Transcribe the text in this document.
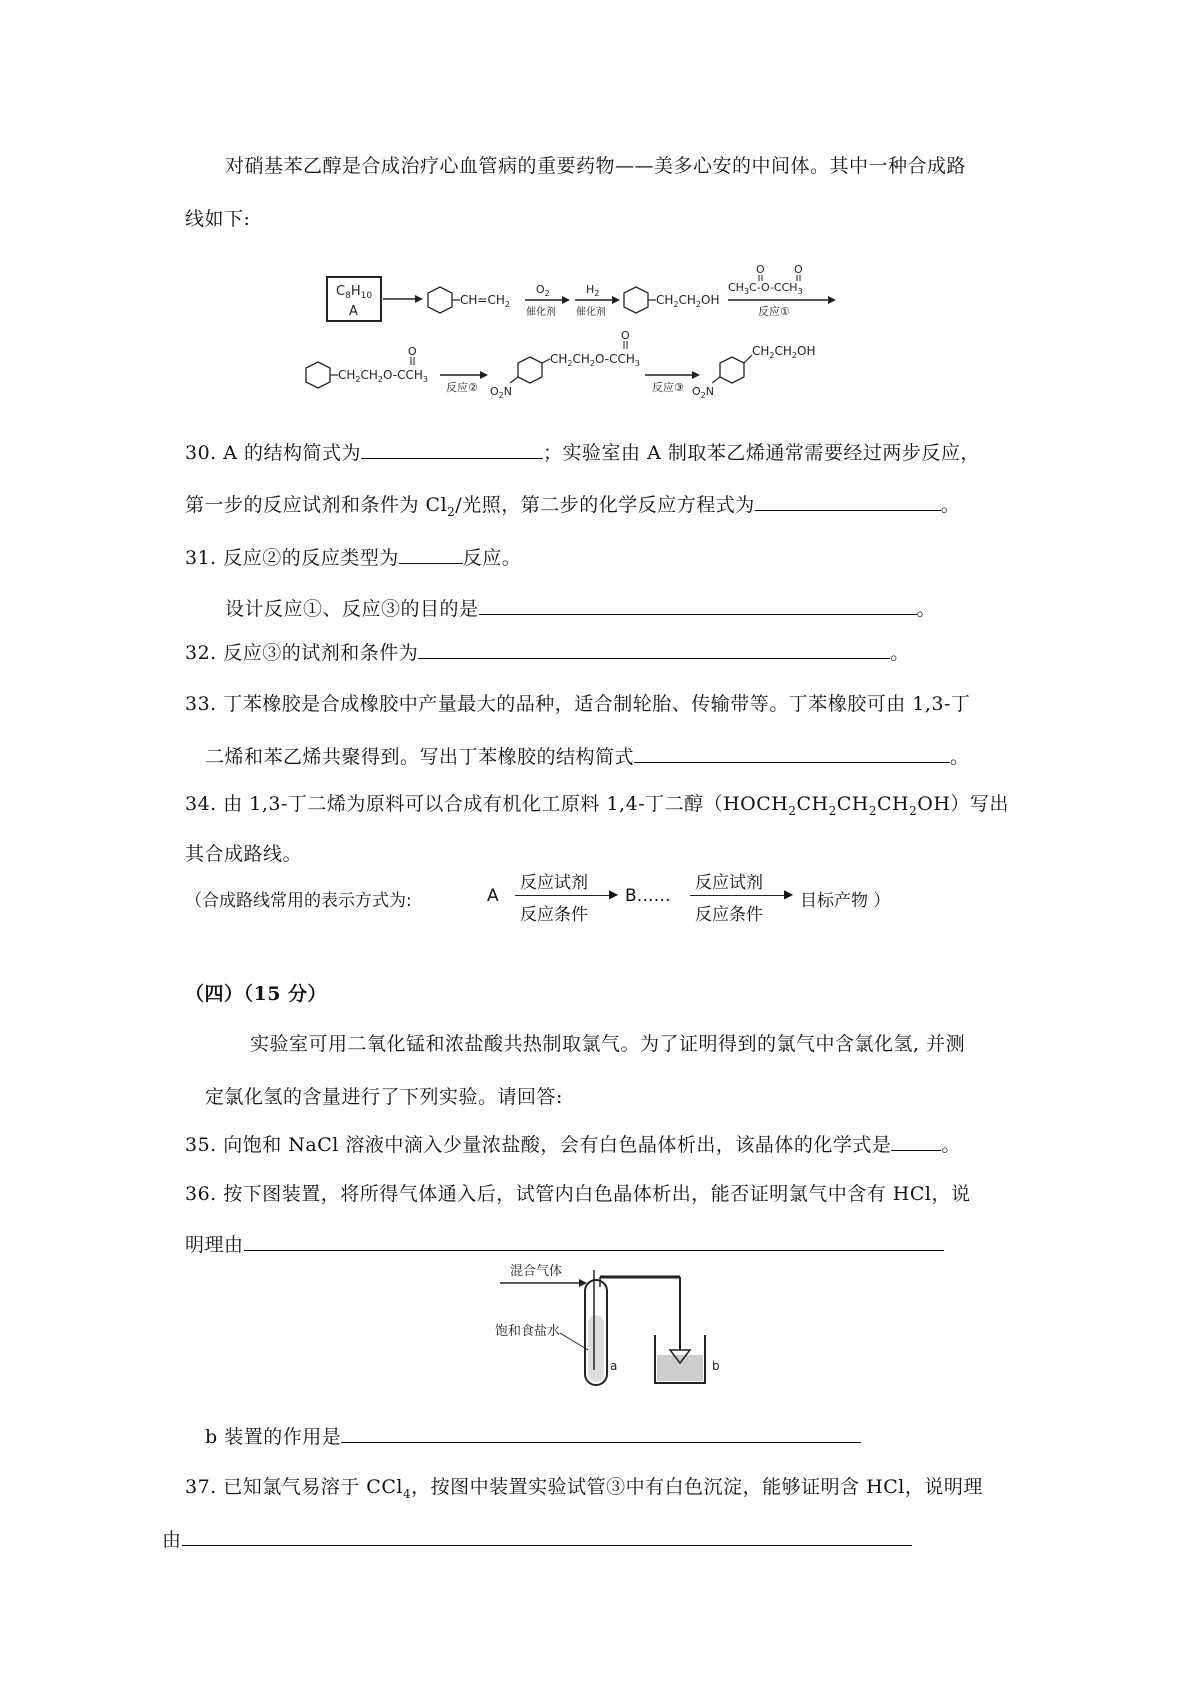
对硝基苯乙醇是合成治疗心血管病的重要药物——美多心安的中间体。其中一种合成路
线如下:
$C_8H_{10}$
A
$CH=CH_2$
$O_2$
催化剂
$H_2$
催化剂
$CH_2CH_2OH$
$CH_3C-O-CCH_3$
O	O
反应①
$CH_2CH_2O-CCH_3$
O
反应②
$CH_2CH_2O-CCH_3$
O
$O_2N$	反应③
$CH_2CH_2OH$
$O_2N$
30. A 的结构简式为	；实验室由 A 制取苯乙烯通常需要经过两步反应，
第一步的反应试剂和条件为 $Cl_2/$光照，第二步的化学反应方程式为	。
31. 反应②的反应类型为	反应。
设计反应①、反应③的目的是	。
32. 反应③的试剂和条件为	。
33. 丁苯橡胶是合成橡胶中产量最大的品种，适合制轮胎、传输带等。丁苯橡胶可由 1,3-丁
二烯和苯乙烯共聚得到。写出丁苯橡胶的结构简式	。
34. 由 1,3-丁二烯为原料可以合成有机化工原料 1,4-丁二醇$(HOCH_2CH_2CH_2CH_2OH)$写出
其合成路线。
（合成路线常用的表示方式为:	A
反应试剂
▶
反应条件
B……
反应试剂
▶
反应条件
目标产物 ）
（四）（15 分）
实验室可用二氧化锰和浓盐酸共热制取氯气。为了证明得到的氯气中含氯化氢, 并测
定氯化氢的含量进行了下列实验。请回答:
35. 向饱和 NaCl 溶液中滴入少量浓盐酸，会有白色晶体析出，该晶体的化学式是	。
36. 按下图装置，将所得气体通入后，试管内白色晶体析出，能否证明氯气中含有 HCl，说
明理由
混合气体
饱和食盐水
a	b
b 装置的作用是
37. 已知氯气易溶于 CCl$_4$，按图中装置实验试管③中有白色沉淀，能够证明含 HCl，说明理
由
